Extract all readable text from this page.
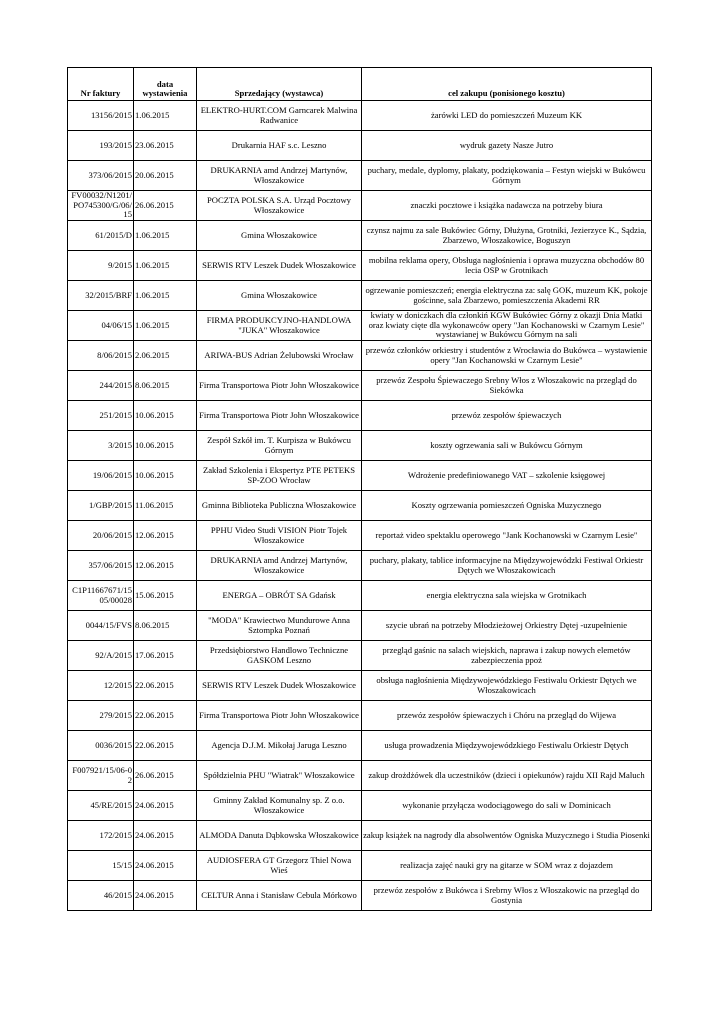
Nr faktury	data wystawienia	Sprzedający (wystawca)	cel zakupu (ponisionego kosztu)

13156/2015	1.06.2015	ELEKTRO-HURT.COM Garncarek Malwina Radwanice	żarówki LED do pomieszczeń Muzeum KK

193/2015	23.06.2015	Drukarnia HAF s.c. Leszno	wydruk gazety Nasze Jutro

373/06/2015	20.06.2015	DRUKARNIA amd Andrzej Martynów, Włoszakowice	puchary, medale, dyplomy, plakaty, podziękowania – Festyn wiejski w Bukówcu Górnym

FV00032/N1201/PO745300/G/06/15	26.06.2015	POCZTA POLSKA S.A. Urząd Pocztowy Włoszakowice	znaczki pocztowe i książka nadawcza na potrzeby biura

61/2015/D	1.06.2015	Gmina Włoszakowice	czynsz najmu za sale Bukówiec Górny, Dłużyna, Grotniki, Jezierzyce K., Sądzia, Zbarzewo, Włoszakowice, Boguszyn

9/2015	1.06.2015	SERWIS RTV Leszek Dudek Włoszakowice	mobilna reklama opery, Obsługa nagłośnienia i oprawa muzyczna obchodów 80 lecia OSP w Grotnikach

32/2015/BRF	1.06.2015	Gmina Włoszakowice	ogrzewanie pomieszczeń; energia elektryczna za: salę GOK, muzeum KK, pokoje gościnne, sala Zbarzewo, pomieszczenia Akademi RR

04/06/15	1.06.2015	FIRMA PRODUKCYJNO-HANDLOWA "JUKA" Włoszakowice	kwiaty w doniczkach dla członkiń KGW Bukówiec Górny z okazji Dnia Matki oraz kwiaty cięte dla wykonawców opery "Jan Kochanowski w Czarnym Lesie" wystawianej w Bukówcu Górnym na sali

8/06/2015	2.06.2015	ARIWA-BUS Adrian Żelubowski Wrocław	przewóz członków orkiestry i studentów z Wrocławia do Bukówca – wystawienie opery "Jan Kochanowski w Czarnym Lesie"

244/2015	8.06.2015	Firma Transportowa Piotr John Włoszakowice	przewóz Zespołu Śpiewaczego Srebny Włos z Włoszakowic na przegląd do Siekówka

251/2015	10.06.2015	Firma Transportowa Piotr John Włoszakowice	przewóz zespołów śpiewaczych

3/2015	10.06.2015	Zespół Szkół im. T. Kurpisza w Bukówcu Górnym	koszty ogrzewania sali w Bukówcu Górnym

19/06/2015	10.06.2015	Zakład Szkolenia i Ekspertyz PTE PETEKS SP-ZOO Wrocław	Wdrożenie predefiniowanego VAT – szkolenie księgowej

1/GBP/2015	11.06.2015	Gminna Biblioteka Publiczna Włoszakowice	Koszty ogrzewania pomieszczeń Ogniska Muzycznego

20/06/2015	12.06.2015	PPHU Video Studi VISION Piotr Tojek Włoszakowice	reportaż video spektaklu operowego "Jank Kochanowski w Czarnym Lesie"

357/06/2015	12.06.2015	DRUKARNIA amd Andrzej Martynów, Włoszakowice	puchary, plakaty, tablice informacyjne na Międzywojewódzki Festiwal Orkiestr Dętych we Włoszakowicach

C1P11667671/1505/00028	15.06.2015	ENERGA – OBRÓT SA Gdańsk	energia elektryczna sala wiejska w Grotnikach

0044/15/FVS	8.06.2015	"MODA" Krawiectwo Mundurowe Anna Sztompka Poznań	szycie ubrań na potrzeby Młodzieżowej Orkiestry Dętej -uzupełnienie

92/A/2015	17.06.2015	Przedsiębiorstwo Handlowo Techniczne GASKOM Leszno	przegląd gaśnic na salach wiejskich, naprawa i zakup nowych elemetów zabezpieczenia ppoż

12/2015	22.06.2015	SERWIS RTV Leszek Dudek Włoszakowice	obsługa nagłośnienia Międzywojewódzkiego Festiwalu Orkiestr Dętych we Włoszakowicach

279/2015	22.06.2015	Firma Transportowa Piotr John Włoszakowice	przewóz zespołów śpiewaczych i Chóru na przegląd do Wijewa

0036/2015	22.06.2015	Agencja D.J.M. Mikołaj Jaruga Leszno	usługa prowadzenia Międzywojewódzkiego Festiwalu Orkiestr Dętych

F007921/15/06-02	26.06.2015	Spółdzielnia PHU "Wiatrak" Włoszakowice	zakup drożdżówek dla uczestników (dzieci i opiekunów) rajdu XII Rajd Maluch

45/RE/2015	24.06.2015	Gminny Zakład Komunalny sp. Z o.o. Włoszakowice	wykonanie przyłącza wodociągowego do sali w Dominicach

172/2015	24.06.2015	ALMODA Danuta Dąbkowska Włoszakowice	zakup książek na nagrody dla absolwentów Ogniska Muzycznego i Studia Piosenki

15/15	24.06.2015	AUDIOSFERA GT Grzegorz Thiel Nowa Wieś	realizacja zajęć nauki gry na gitarze w SOM wraz z dojazdem

46/2015	24.06.2015	CELTUR Anna i Stanisław Cebula Mórkowo	przewóz zespołów z Bukówca i Srebrny Włos z Włoszakowic na przegląd do Gostynia
